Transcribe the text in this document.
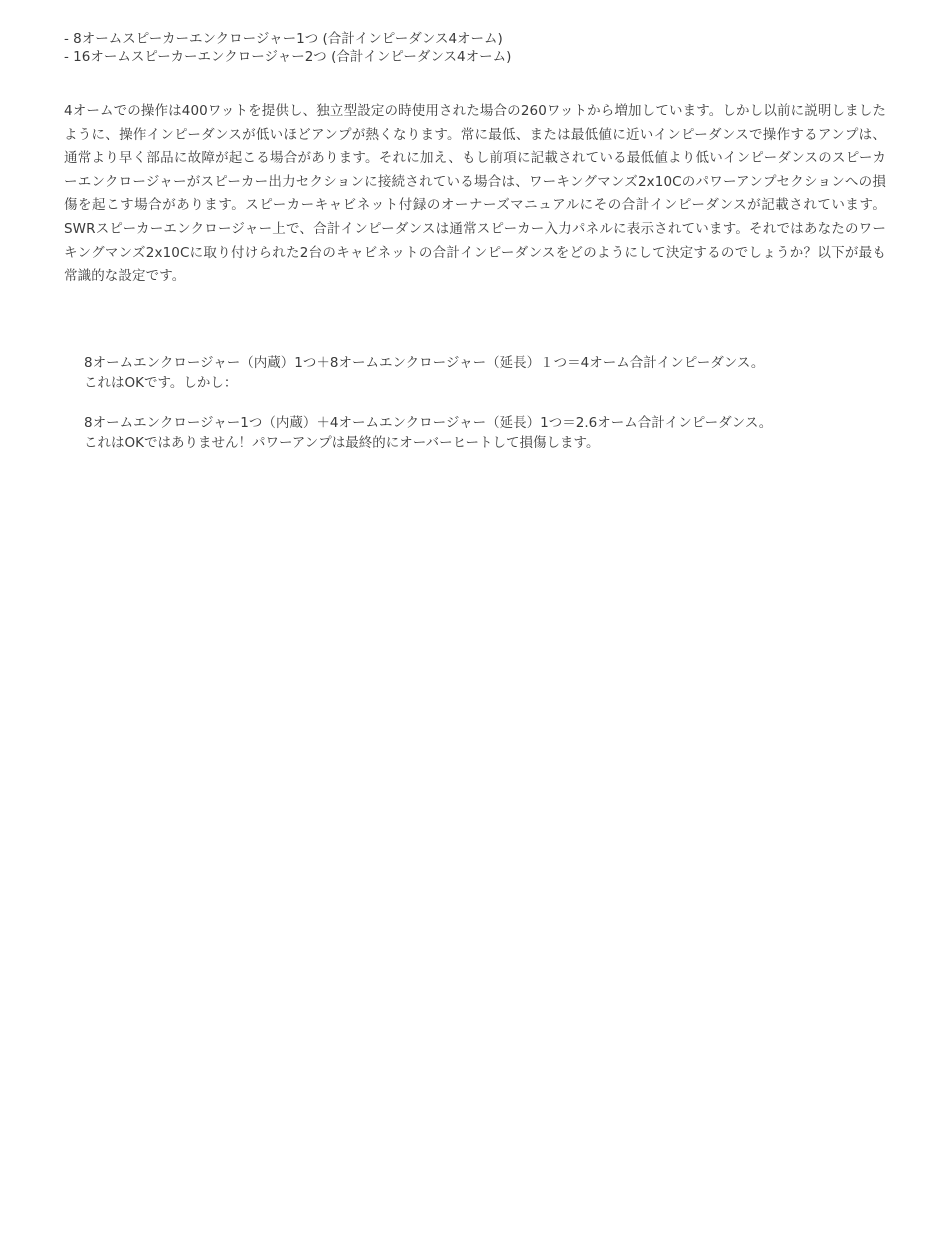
- 8オームスピーカーエンクロージャー1つ (合計インピーダンス4オーム)
- 16オームスピーカーエンクロージャー2つ (合計インピーダンス4オーム)
4オームでの操作は400ワットを提供し、独立型設定の時使用された場合の260ワットから増加しています。しかし以前に説明しましたように、操作インピーダンスが低いほどアンプが熱くなります。常に最低、または最低値に近いインピーダンスで操作するアンプは、通常より早く部品に故障が起こる場合があります。それに加え、もし前項に記載されている最低値より低いインピーダンスのスピーカーエンクロージャーがスピーカー出力セクションに接続されている場合は、ワーキングマンズ2x10Cのパワーアンプセクションへの損傷を起こす場合があります。スピーカーキャビネット付録のオーナーズマニュアルにその合計インピーダンスが記載されています。SWRスピーカーエンクロージャー上で、合計インピーダンスは通常スピーカー入力パネルに表示されています。それではあなたのワーキングマンズ2x10Cに取り付けられた2台のキャビネットの合計インピーダンスをどのようにして決定するのでしょうか？以下が最も常識的な設定です。
8オームエンクロージャー（内蔵）1つ＋8オームエンクロージャー（延長）１つ＝4オーム合計インピーダンス。
これはOKです。しかし：
8オームエンクロージャー1つ（内蔵）＋4オームエンクロージャー（延長）1つ＝2.6オーム合計インピーダンス。
これはOKではありません！パワーアンプは最終的にオーバーヒートして損傷します。
